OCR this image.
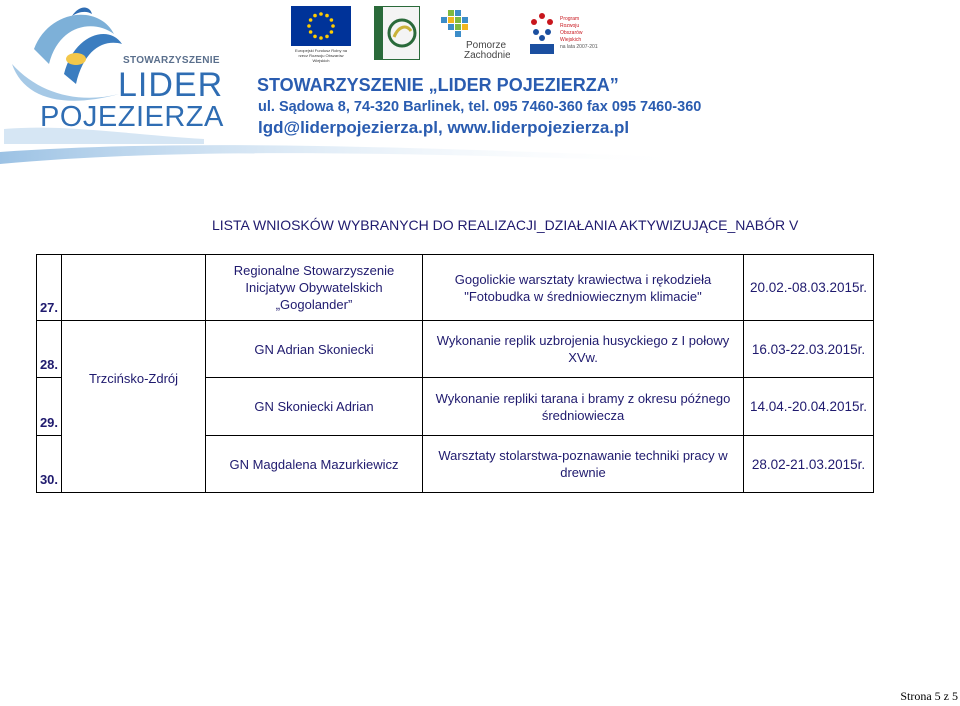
STOWARZYSZENIE
LIDER
POJEZIERZA
Europejski Fundusz Rolny na rzecz Rozwoju Obszarów Wiejskich
Pomorze
Zachodnie
Program
Rozwoju
Obszarów
Wiejskich
na lata 2007-2013
STOWARZYSZENIE „LIDER POJEZIERZA”
ul. Sądowa 8, 74-320 Barlinek, tel. 095 7460-360 fax 095 7460-360
lgd@liderpojezierza.pl, www.liderpojezierza.pl
LISTA WNIOSKÓW WYBRANYCH DO REALIZACJI_DZIAŁANIA AKTYWIZUJĄCE_NABÓR V
27.		Regionalne Stowarzyszenie Inicjatyw Obywatelskich „Gogolander”	Gogolickie warsztaty krawiectwa i rękodzieła "Fotobudka w średniowiecznym klimacie"	20.02.-08.03.2015r.
28.	Trzcińsko-Zdrój	GN Adrian Skoniecki	Wykonanie replik uzbrojenia husyckiego z I połowy XVw.	16.03-22.03.2015r.
29.		GN Skoniecki Adrian	Wykonanie repliki tarana i bramy z okresu późnego średniowiecza	14.04.-20.04.2015r.
30.		GN Magdalena Mazurkiewicz	Warsztaty stolarstwa-poznawanie techniki pracy w drewnie	28.02-21.03.2015r.
Strona 5 z 5
